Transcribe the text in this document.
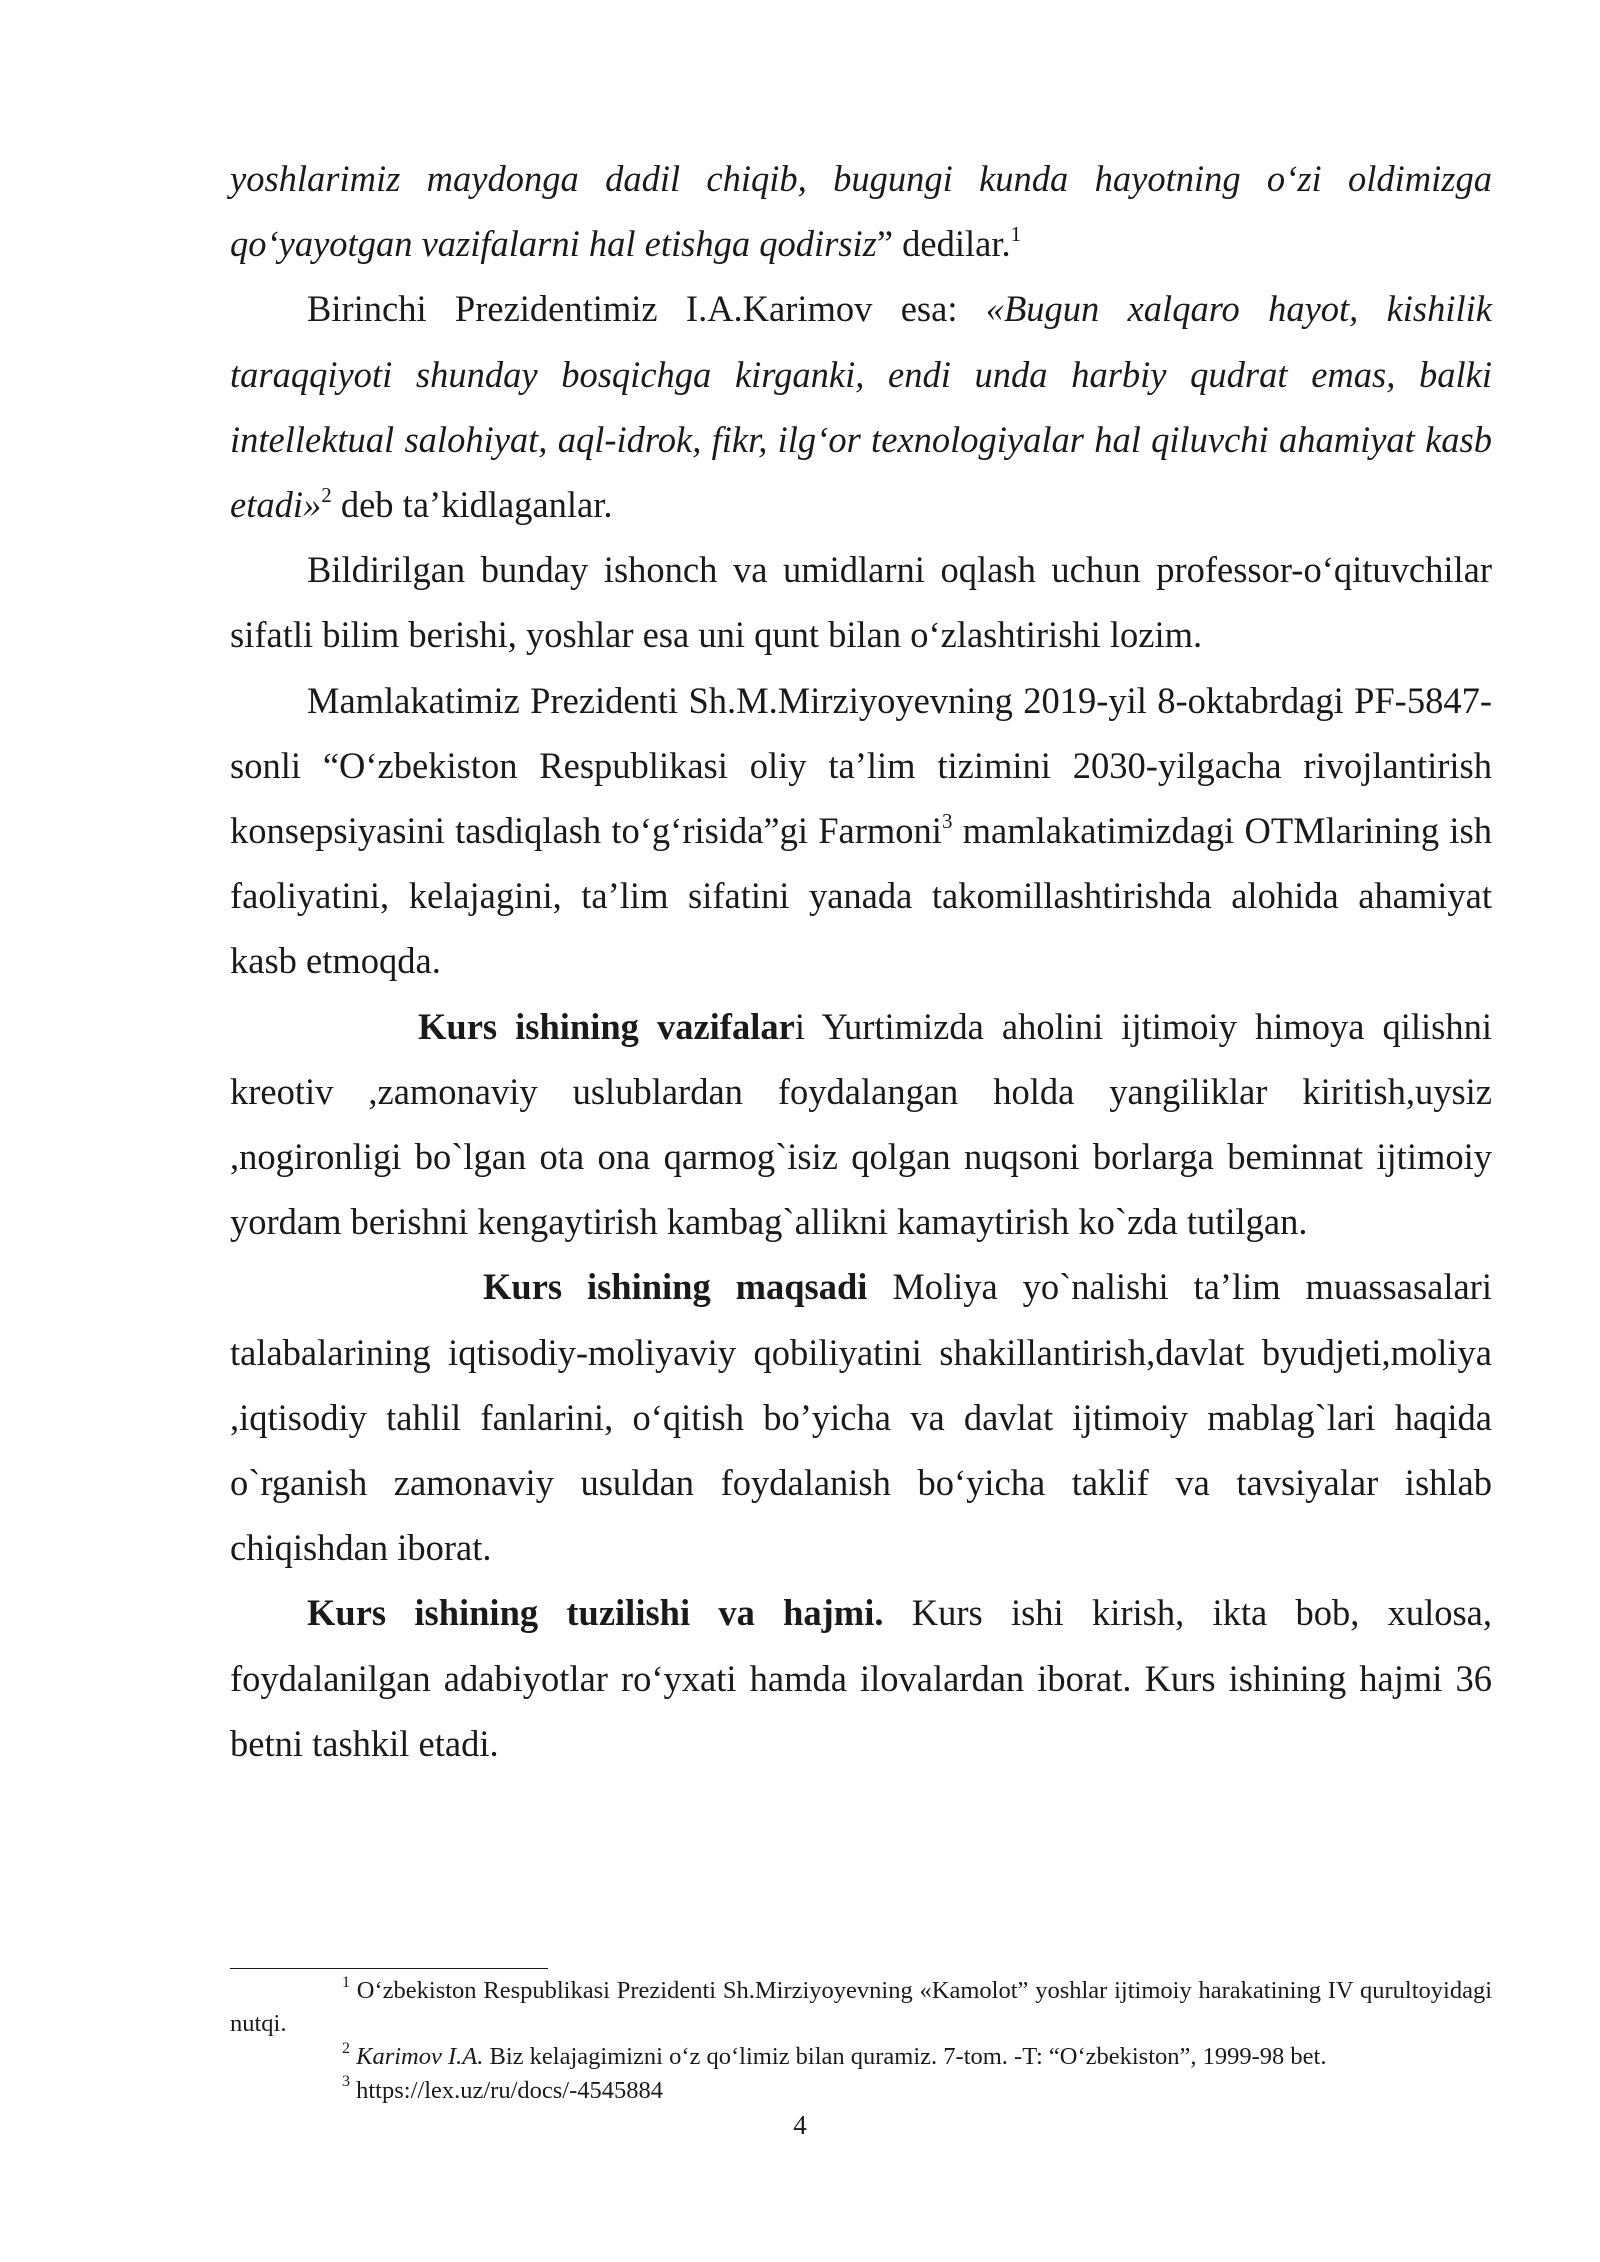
yoshlarimiz maydonga dadil chiqib, bugungi kunda hayotning o‘zi oldimizga qo‘yayotgan vazifalarni hal etishga qodirsiz” dedilar.$^1$

Birinchi Prezidentimiz I.A.Karimov esa: «Bugun xalqaro hayot, kishilik taraqqiyoti shunday bosqichga kirganki, endi unda harbiy qudrat emas, balki intellektual salohiyat, aql-idrok, fikr, ilg‘or texnologiyalar hal qiluvchi ahamiyat kasb etadi»$^2$ deb ta’kidlaganlar.

Bildirilgan bunday ishonch va umidlarni oqlash uchun professor-o‘qituvchilar sifatli bilim berishi, yoshlar esa uni qunt bilan o‘zlashtirishi lozim.

Mamlakatimiz Prezidenti Sh.M.Mirziyoyevning 2019-yil 8-oktabrdagi PF-5847-sonli “O‘zbekiston Respublikasi oliy ta’lim tizimini 2030-yilgacha rivojlantirish konsepsiyasini tasdiqlash to‘g‘risida”gi Farmoni$^3$ mamlakatimizdagi OTMlarining ish faoliyatini, kelajagini, ta’lim sifatini yanada takomillashtirishda alohida ahamiyat kasb etmoqda.

Kurs ishining vazifalari Yurtimizda aholini ijtimoiy himoya qilishni kreotiv ,zamonaviy uslublardan foydalangan holda yangiliklar kiritish,uysiz ,nogironligi bo`lgan ota ona qarmog`isiz qolgan nuqsoni borlarga beminnat ijtimoiy yordam berishni kengaytirish kambag`allikni kamaytirish ko`zda tutilgan.

Kurs ishining maqsadi Moliya yo`nalishi ta’lim muassasalari talabalarining iqtisodiy-moliyaviy qobiliyatini shakillantirish,davlat byudjeti,moliya ,iqtisodiy tahlil fanlarini, o‘qitish bo’yicha va davlat ijtimoiy mablag`lari haqida o`rganish zamonaviy usuldan foydalanish bo‘yicha taklif va tavsiyalar ishlab chiqishdan iborat.

Kurs ishining tuzilishi va hajmi. Kurs ishi kirish, ikta bob, xulosa, foydalanilgan adabiyotlar ro‘yxati hamda ilovalardan iborat. Kurs ishining hajmi 36 betni tashkil etadi.

$^1$ O‘zbekiston Respublikasi Prezidenti Sh.Mirziyoyevning «Kamolot” yoshlar ijtimoiy harakatining IV qurultoyidagi nutqi.

$^2$ Karimov I.A. Biz kelajagimizni o‘z qo‘limiz bilan quramiz. 7-tom. -T: “O‘zbekiston”, 1999-98 bet.

$^3$ https://lex.uz/ru/docs/-4545884

4
